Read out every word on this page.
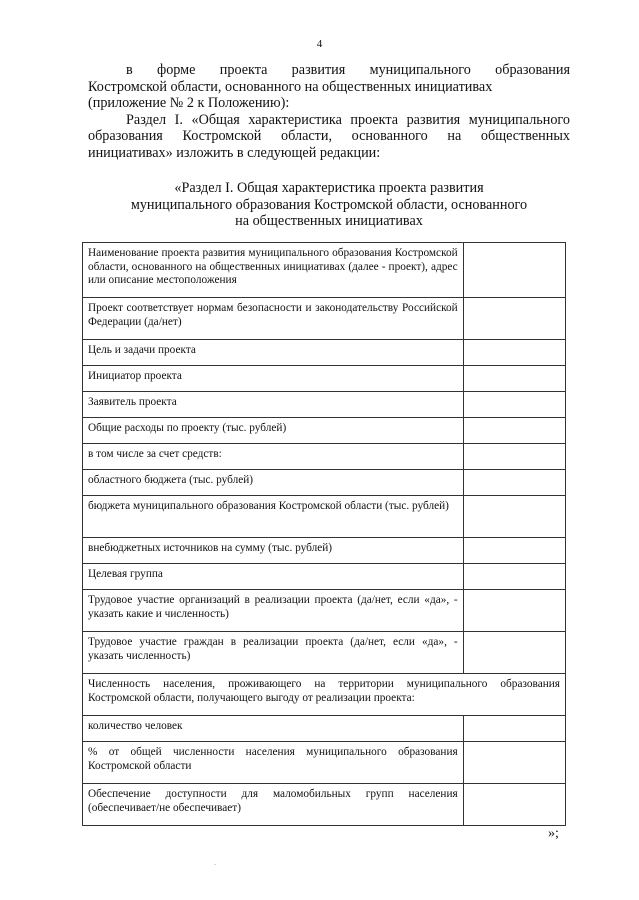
4

в форме проекта развития муниципального образования

Костромской области, основанного на общественных инициативах

(приложение № 2 к Положению):

Раздел I. «Общая характеристика проекта развития муниципального образования Костромской области, основанного на общественных инициативах» изложить в следующей редакции:

«Раздел I. Общая характеристика проекта развития
муниципального образования Костромской области, основанного
на общественных инициативах
Наименование проекта развития муниципального образования Костромской области, основанного на общественных инициативах (далее - проект), адрес или описание местоположения	
Проект соответствует нормам безопасности и законодательству Российской Федерации (да/нет)	
Цель и задачи проекта	
Инициатор проекта	
Заявитель проекта	
Общие расходы по проекту (тыс. рублей)	
в том числе за счет средств:	
областного бюджета (тыс. рублей)	
бюджета муниципального образования Костромской области (тыс. рублей)	
внебюджетных источников на сумму (тыс. рублей)	
Целевая группа	
Трудовое участие организаций в реализации проекта (да/нет, если «да», - указать какие и численность)	
Трудовое участие граждан в реализации проекта (да/нет, если «да», - указать численность)	
Численность населения, проживающего на территории муниципального образования Костромской области, получающего выгоду от реализации проекта:	
количество человек	
% от общей численности населения муниципального образования Костромской области	
Обеспечение доступности для маломобильных групп населения (обеспечивает/не обеспечивает)	
»;
.
